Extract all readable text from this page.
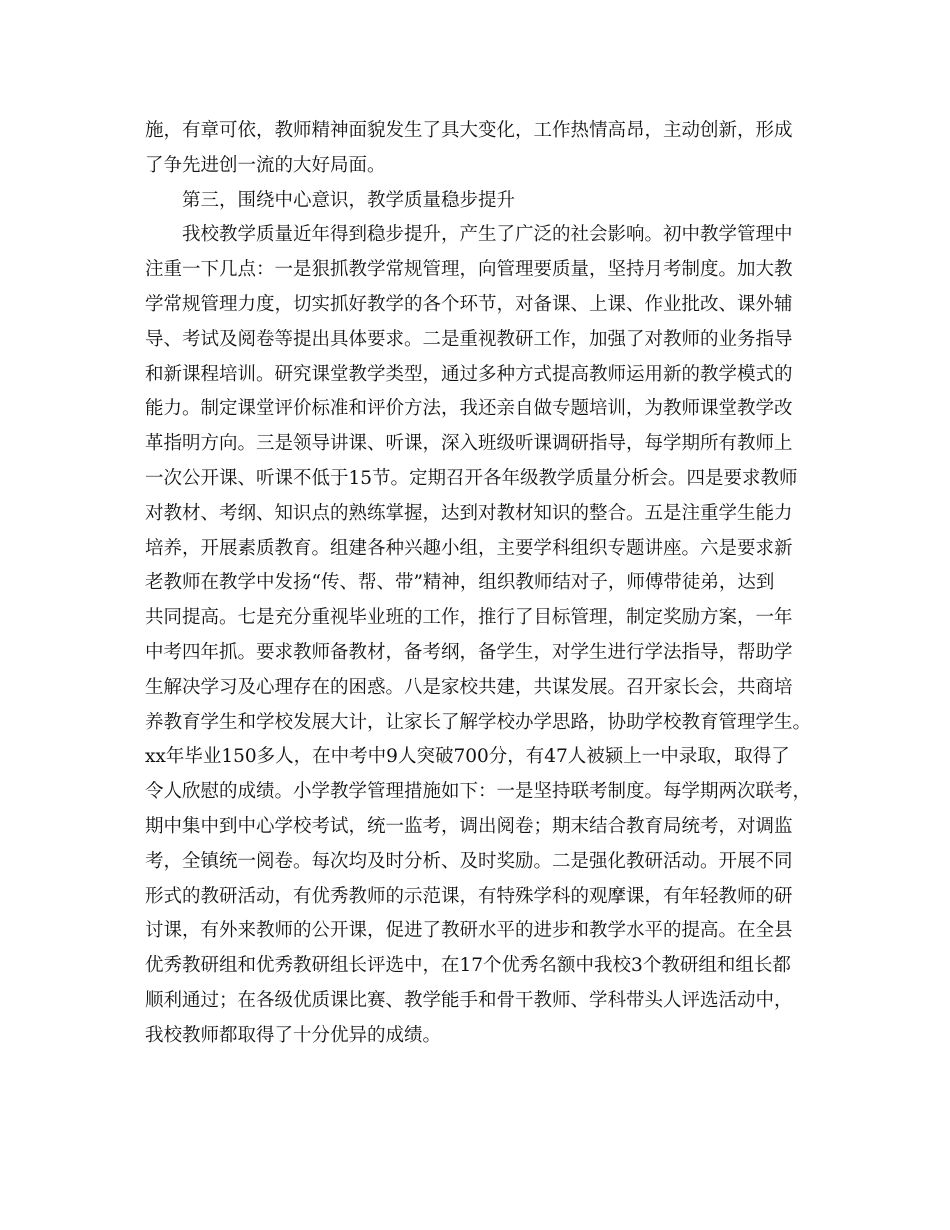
施，有章可依，教师精神面貌发生了具大变化，工作热情高昂，主动创新，形成
了争先进创一流的大好局面。
第三，围绕中心意识，教学质量稳步提升
我校教学质量近年得到稳步提升，产生了广泛的社会影响。初中教学管理中
注重一下几点：一是狠抓教学常规管理，向管理要质量，坚持月考制度。加大教
学常规管理力度，切实抓好教学的各个环节，对备课、上课、作业批改、课外辅
导、考试及阅卷等提出具体要求。二是重视教研工作，加强了对教师的业务指导
和新课程培训。研究课堂教学类型，通过多种方式提高教师运用新的教学模式的
能力。制定课堂评价标准和评价方法，我还亲自做专题培训，为教师课堂教学改
革指明方向。三是领导讲课、听课，深入班级听课调研指导，每学期所有教师上
一次公开课、听课不低于15节。定期召开各年级教学质量分析会。四是要求教师
对教材、考纲、知识点的熟练掌握，达到对教材知识的整合。五是注重学生能力
培养，开展素质教育。组建各种兴趣小组，主要学科组织专题讲座。六是要求新
老教师在教学中发扬“传、帮、带”精神，组织教师结对子，师傅带徒弟，达到
共同提高。七是充分重视毕业班的工作，推行了目标管理，制定奖励方案，一年
中考四年抓。要求教师备教材，备考纲，备学生，对学生进行学法指导，帮助学
生解决学习及心理存在的困惑。八是家校共建，共谋发展。召开家长会，共商培
养教育学生和学校发展大计，让家长了解学校办学思路，协助学校教育管理学生。
xx年毕业150多人，在中考中9人突破700分，有47人被颍上一中录取，取得了
令人欣慰的成绩。小学教学管理措施如下：一是坚持联考制度。每学期两次联考，
期中集中到中心学校考试，统一监考，调出阅卷；期末结合教育局统考，对调监
考，全镇统一阅卷。每次均及时分析、及时奖励。二是强化教研活动。开展不同
形式的教研活动，有优秀教师的示范课，有特殊学科的观摩课，有年轻教师的研
讨课，有外来教师的公开课，促进了教研水平的进步和教学水平的提高。在全县
优秀教研组和优秀教研组长评选中，在17个优秀名额中我校3个教研组和组长都
顺利通过；在各级优质课比赛、教学能手和骨干教师、学科带头人评选活动中，
我校教师都取得了十分优异的成绩。
